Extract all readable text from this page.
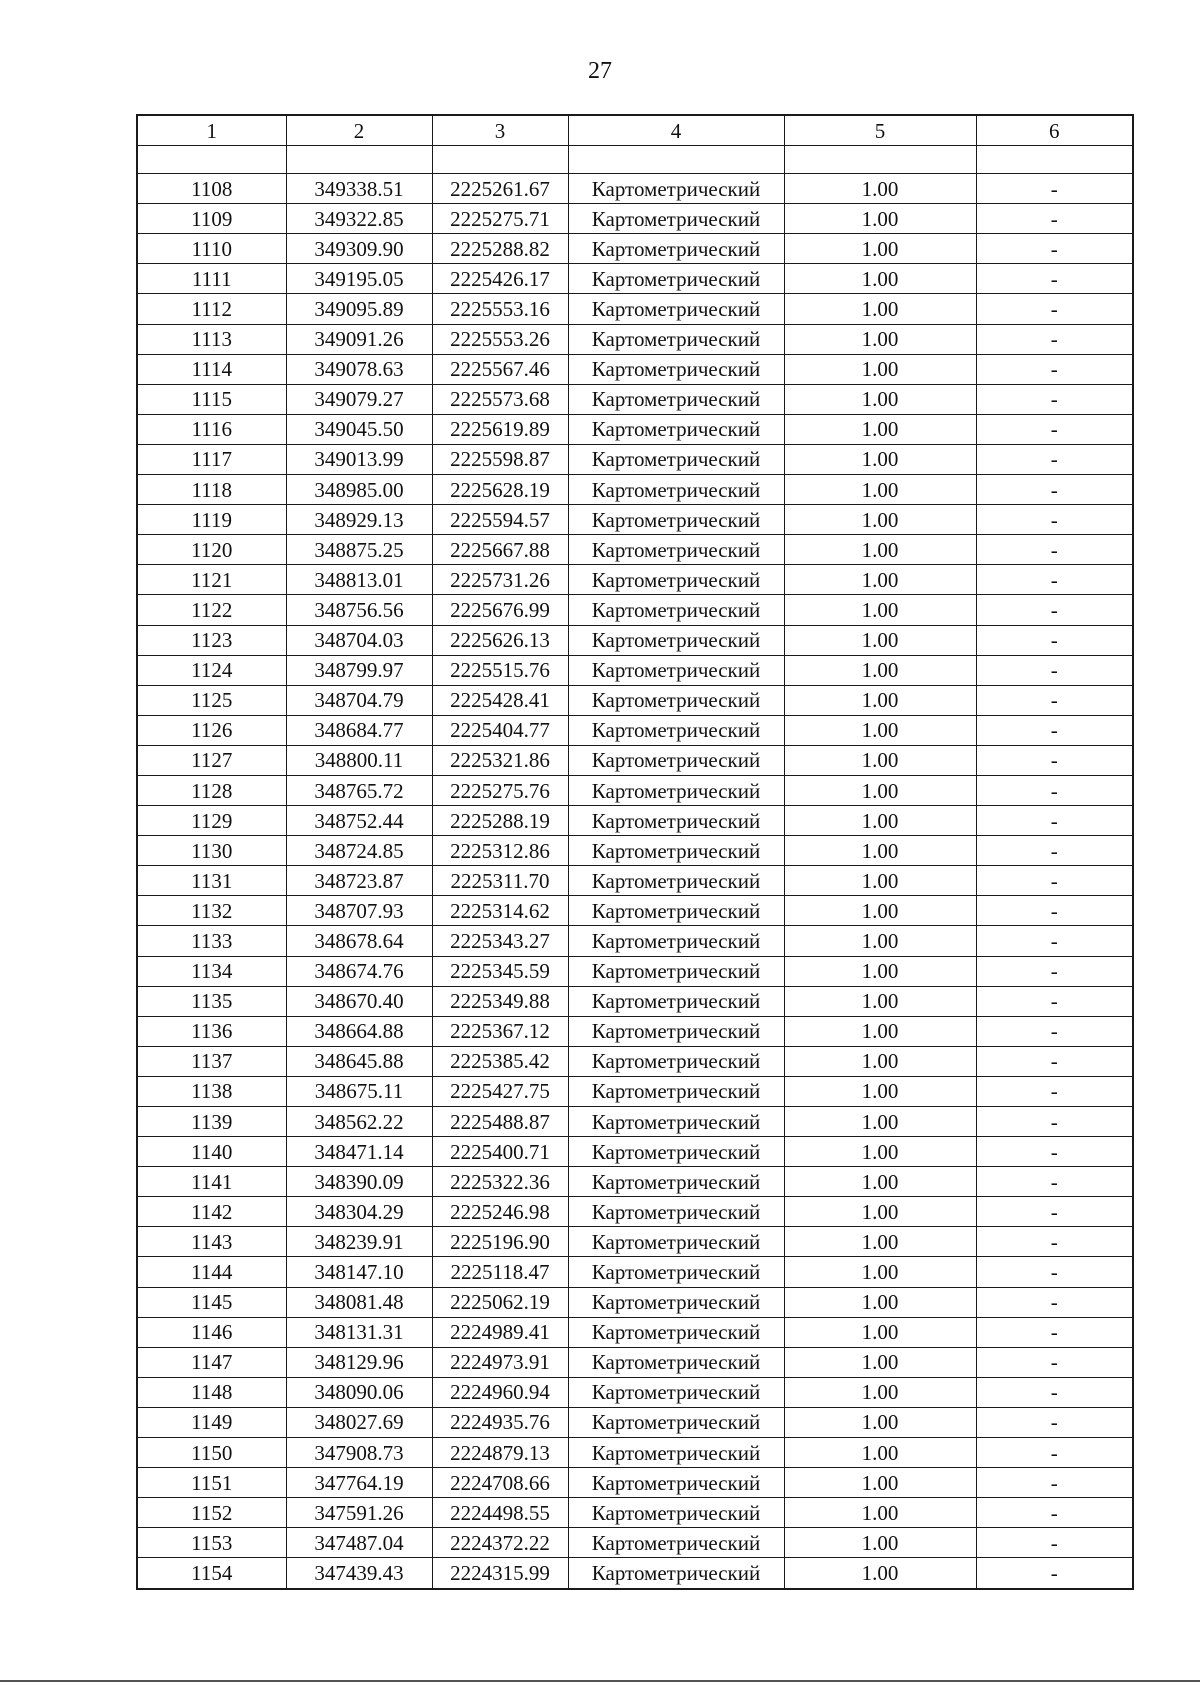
27
1	2	3	4	5	6

1108	349338.51	2225261.67	Картометрический	1.00	-
1109	349322.85	2225275.71	Картометрический	1.00	-
1110	349309.90	2225288.82	Картометрический	1.00	-
1111	349195.05	2225426.17	Картометрический	1.00	-
1112	349095.89	2225553.16	Картометрический	1.00	-
1113	349091.26	2225553.26	Картометрический	1.00	-
1114	349078.63	2225567.46	Картометрический	1.00	-
1115	349079.27	2225573.68	Картометрический	1.00	-
1116	349045.50	2225619.89	Картометрический	1.00	-
1117	349013.99	2225598.87	Картометрический	1.00	-
1118	348985.00	2225628.19	Картометрический	1.00	-
1119	348929.13	2225594.57	Картометрический	1.00	-
1120	348875.25	2225667.88	Картометрический	1.00	-
1121	348813.01	2225731.26	Картометрический	1.00	-
1122	348756.56	2225676.99	Картометрический	1.00	-
1123	348704.03	2225626.13	Картометрический	1.00	-
1124	348799.97	2225515.76	Картометрический	1.00	-
1125	348704.79	2225428.41	Картометрический	1.00	-
1126	348684.77	2225404.77	Картометрический	1.00	-
1127	348800.11	2225321.86	Картометрический	1.00	-
1128	348765.72	2225275.76	Картометрический	1.00	-
1129	348752.44	2225288.19	Картометрический	1.00	-
1130	348724.85	2225312.86	Картометрический	1.00	-
1131	348723.87	2225311.70	Картометрический	1.00	-
1132	348707.93	2225314.62	Картометрический	1.00	-
1133	348678.64	2225343.27	Картометрический	1.00	-
1134	348674.76	2225345.59	Картометрический	1.00	-
1135	348670.40	2225349.88	Картометрический	1.00	-
1136	348664.88	2225367.12	Картометрический	1.00	-
1137	348645.88	2225385.42	Картометрический	1.00	-
1138	348675.11	2225427.75	Картометрический	1.00	-
1139	348562.22	2225488.87	Картометрический	1.00	-
1140	348471.14	2225400.71	Картометрический	1.00	-
1141	348390.09	2225322.36	Картометрический	1.00	-
1142	348304.29	2225246.98	Картометрический	1.00	-
1143	348239.91	2225196.90	Картометрический	1.00	-
1144	348147.10	2225118.47	Картометрический	1.00	-
1145	348081.48	2225062.19	Картометрический	1.00	-
1146	348131.31	2224989.41	Картометрический	1.00	-
1147	348129.96	2224973.91	Картометрический	1.00	-
1148	348090.06	2224960.94	Картометрический	1.00	-
1149	348027.69	2224935.76	Картометрический	1.00	-
1150	347908.73	2224879.13	Картометрический	1.00	-
1151	347764.19	2224708.66	Картометрический	1.00	-
1152	347591.26	2224498.55	Картометрический	1.00	-
1153	347487.04	2224372.22	Картометрический	1.00	-
1154	347439.43	2224315.99	Картометрический	1.00	-
